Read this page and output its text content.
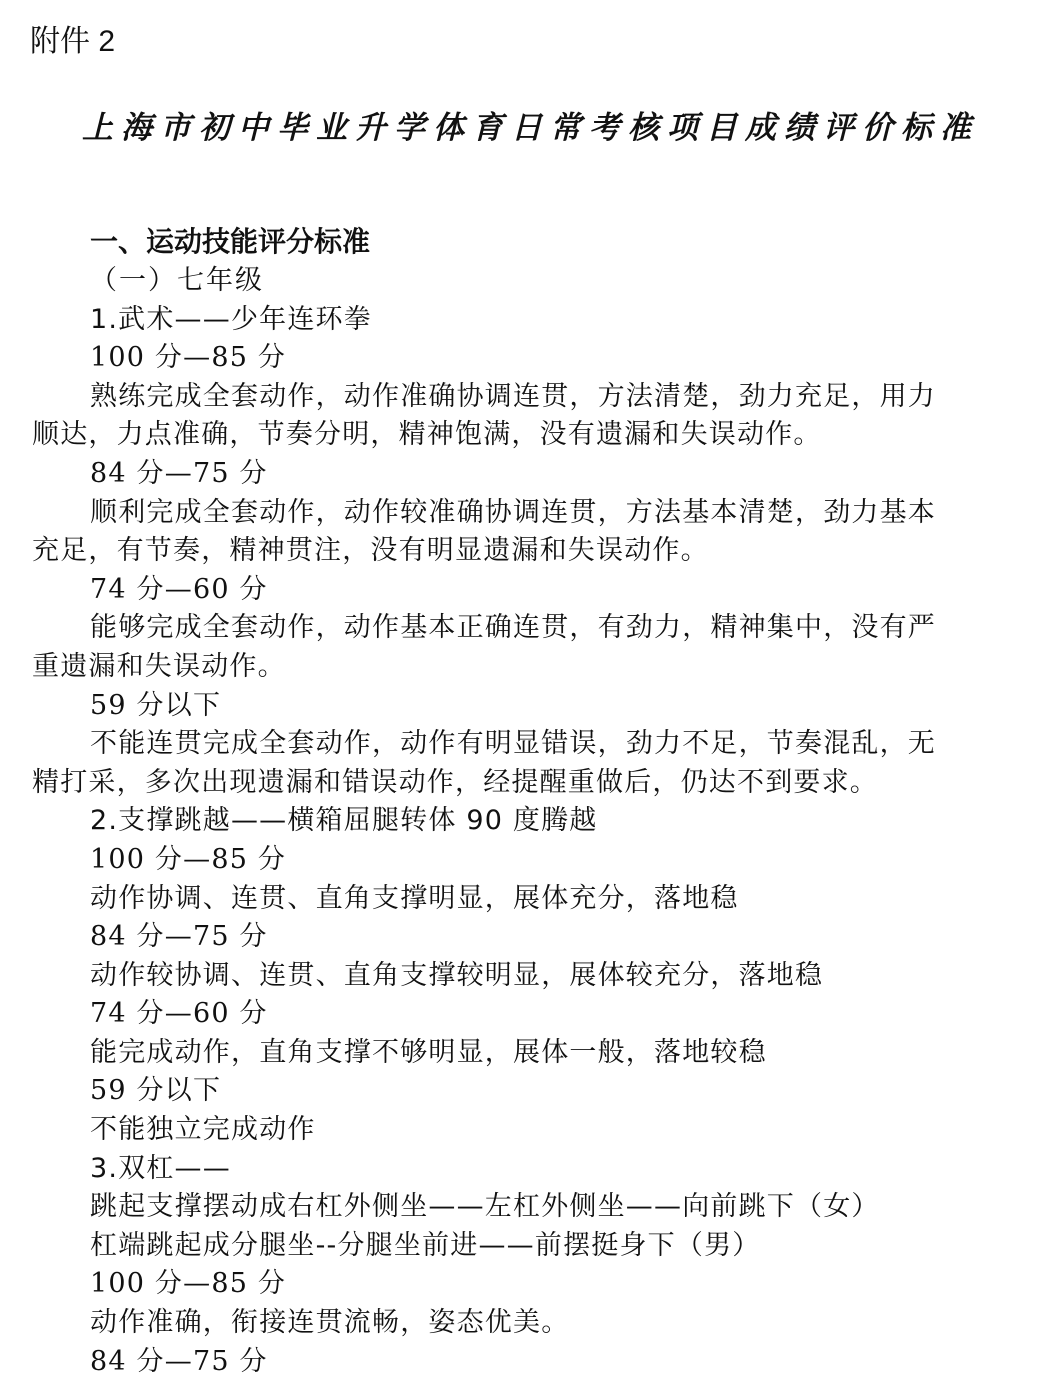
附件 2

上海市初中毕业升学体育日常考核项目成绩评价标准

一、运动技能评分标准

（一）七年级

1.武术——少年连环拳

100 分—85 分

熟练完成全套动作，动作准确协调连贯，方法清楚，劲力充足，用力

顺达，力点准确，节奏分明，精神饱满，没有遗漏和失误动作。

84 分—75 分

顺利完成全套动作，动作较准确协调连贯，方法基本清楚，劲力基本

充足，有节奏，精神贯注，没有明显遗漏和失误动作。

74 分—60 分

能够完成全套动作，动作基本正确连贯，有劲力，精神集中，没有严

重遗漏和失误动作。

59 分以下

不能连贯完成全套动作，动作有明显错误，劲力不足，节奏混乱，无

精打采，多次出现遗漏和错误动作，经提醒重做后，仍达不到要求。

2.支撑跳越——横箱屈腿转体 90 度腾越

100 分—85 分

动作协调、连贯、直角支撑明显，展体充分，落地稳

84 分—75 分

动作较协调、连贯、直角支撑较明显，展体较充分，落地稳

74 分—60 分

能完成动作，直角支撑不够明显，展体一般，落地较稳

59 分以下

不能独立完成动作

3.双杠——

跳起支撑摆动成右杠外侧坐——左杠外侧坐——向前跳下（女）

杠端跳起成分腿坐--分腿坐前进——前摆挺身下（男）

100 分—85 分

动作准确，衔接连贯流畅，姿态优美。

84 分—75 分
